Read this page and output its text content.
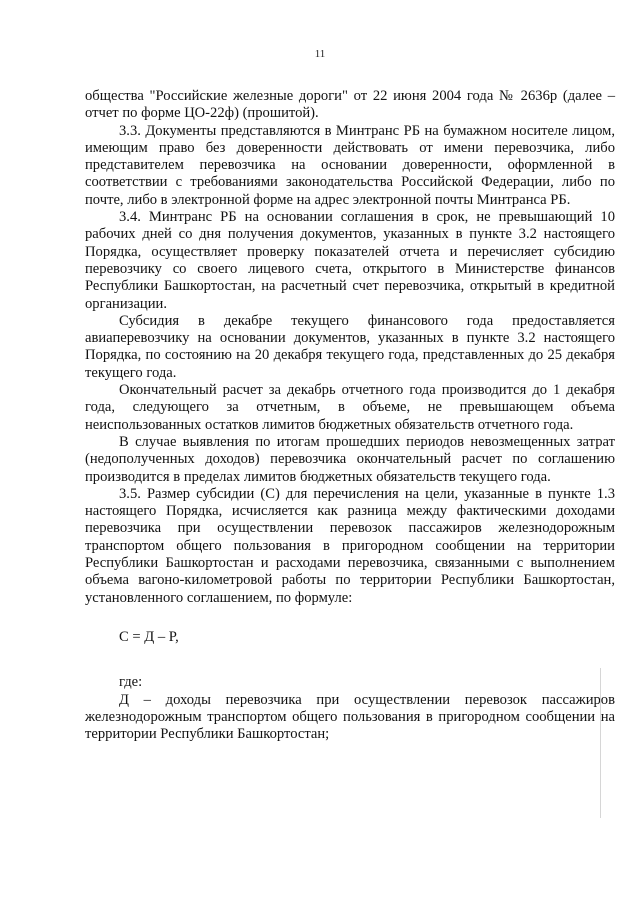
11

общества "Российские железные дороги" от 22 июня 2004 года № 2636р (далее – отчет по форме ЦО-22ф) (прошитой).

3.3. Документы представляются в Минтранс РБ на бумажном носителе лицом, имеющим право без доверенности действовать от имени перевозчика, либо представителем перевозчика на основании доверенности, оформленной в соответствии с требованиями законодательства Российской Федерации, либо по почте, либо в электронной форме на адрес электронной почты Минтранса РБ.

3.4. Минтранс РБ на основании соглашения в срок, не превышающий 10 рабочих дней со дня получения документов, указанных в пункте 3.2 настоящего Порядка, осуществляет проверку показателей отчета и перечисляет субсидию перевозчику со своего лицевого счета, открытого в Министерстве финансов Республики Башкортостан, на расчетный счет перевозчика, открытый в кредитной организации.

Субсидия в декабре текущего финансового года предоставляется авиаперевозчику на основании документов, указанных в пункте 3.2 настоящего Порядка, по состоянию на 20 декабря текущего года, представленных до 25 декабря текущего года.

Окончательный расчет за декабрь отчетного года производится до 1 декабря года, следующего за отчетным, в объеме, не превышающем объема неиспользованных остатков лимитов бюджетных обязательств отчетного года.

В случае выявления по итогам прошедших периодов невозмещенных затрат (недополученных доходов) перевозчика окончательный расчет по соглашению производится в пределах лимитов бюджетных обязательств текущего года.

3.5. Размер субсидии (С) для перечисления на цели, указанные в пункте 1.3 настоящего Порядка, исчисляется как разница между фактическими доходами перевозчика при осуществлении перевозок пассажиров железнодорожным транспортом общего пользования в пригородном сообщении на территории Республики Башкортостан и расходами перевозчика, связанными с выполнением объема вагоно-километровой работы по территории Республики Башкортостан, установленного соглашением, по формуле:

С = Д – Р,

где:

Д – доходы перевозчика при осуществлении перевозок пассажиров железнодорожным транспортом общего пользования в пригородном сообщении на территории Республики Башкортостан;
